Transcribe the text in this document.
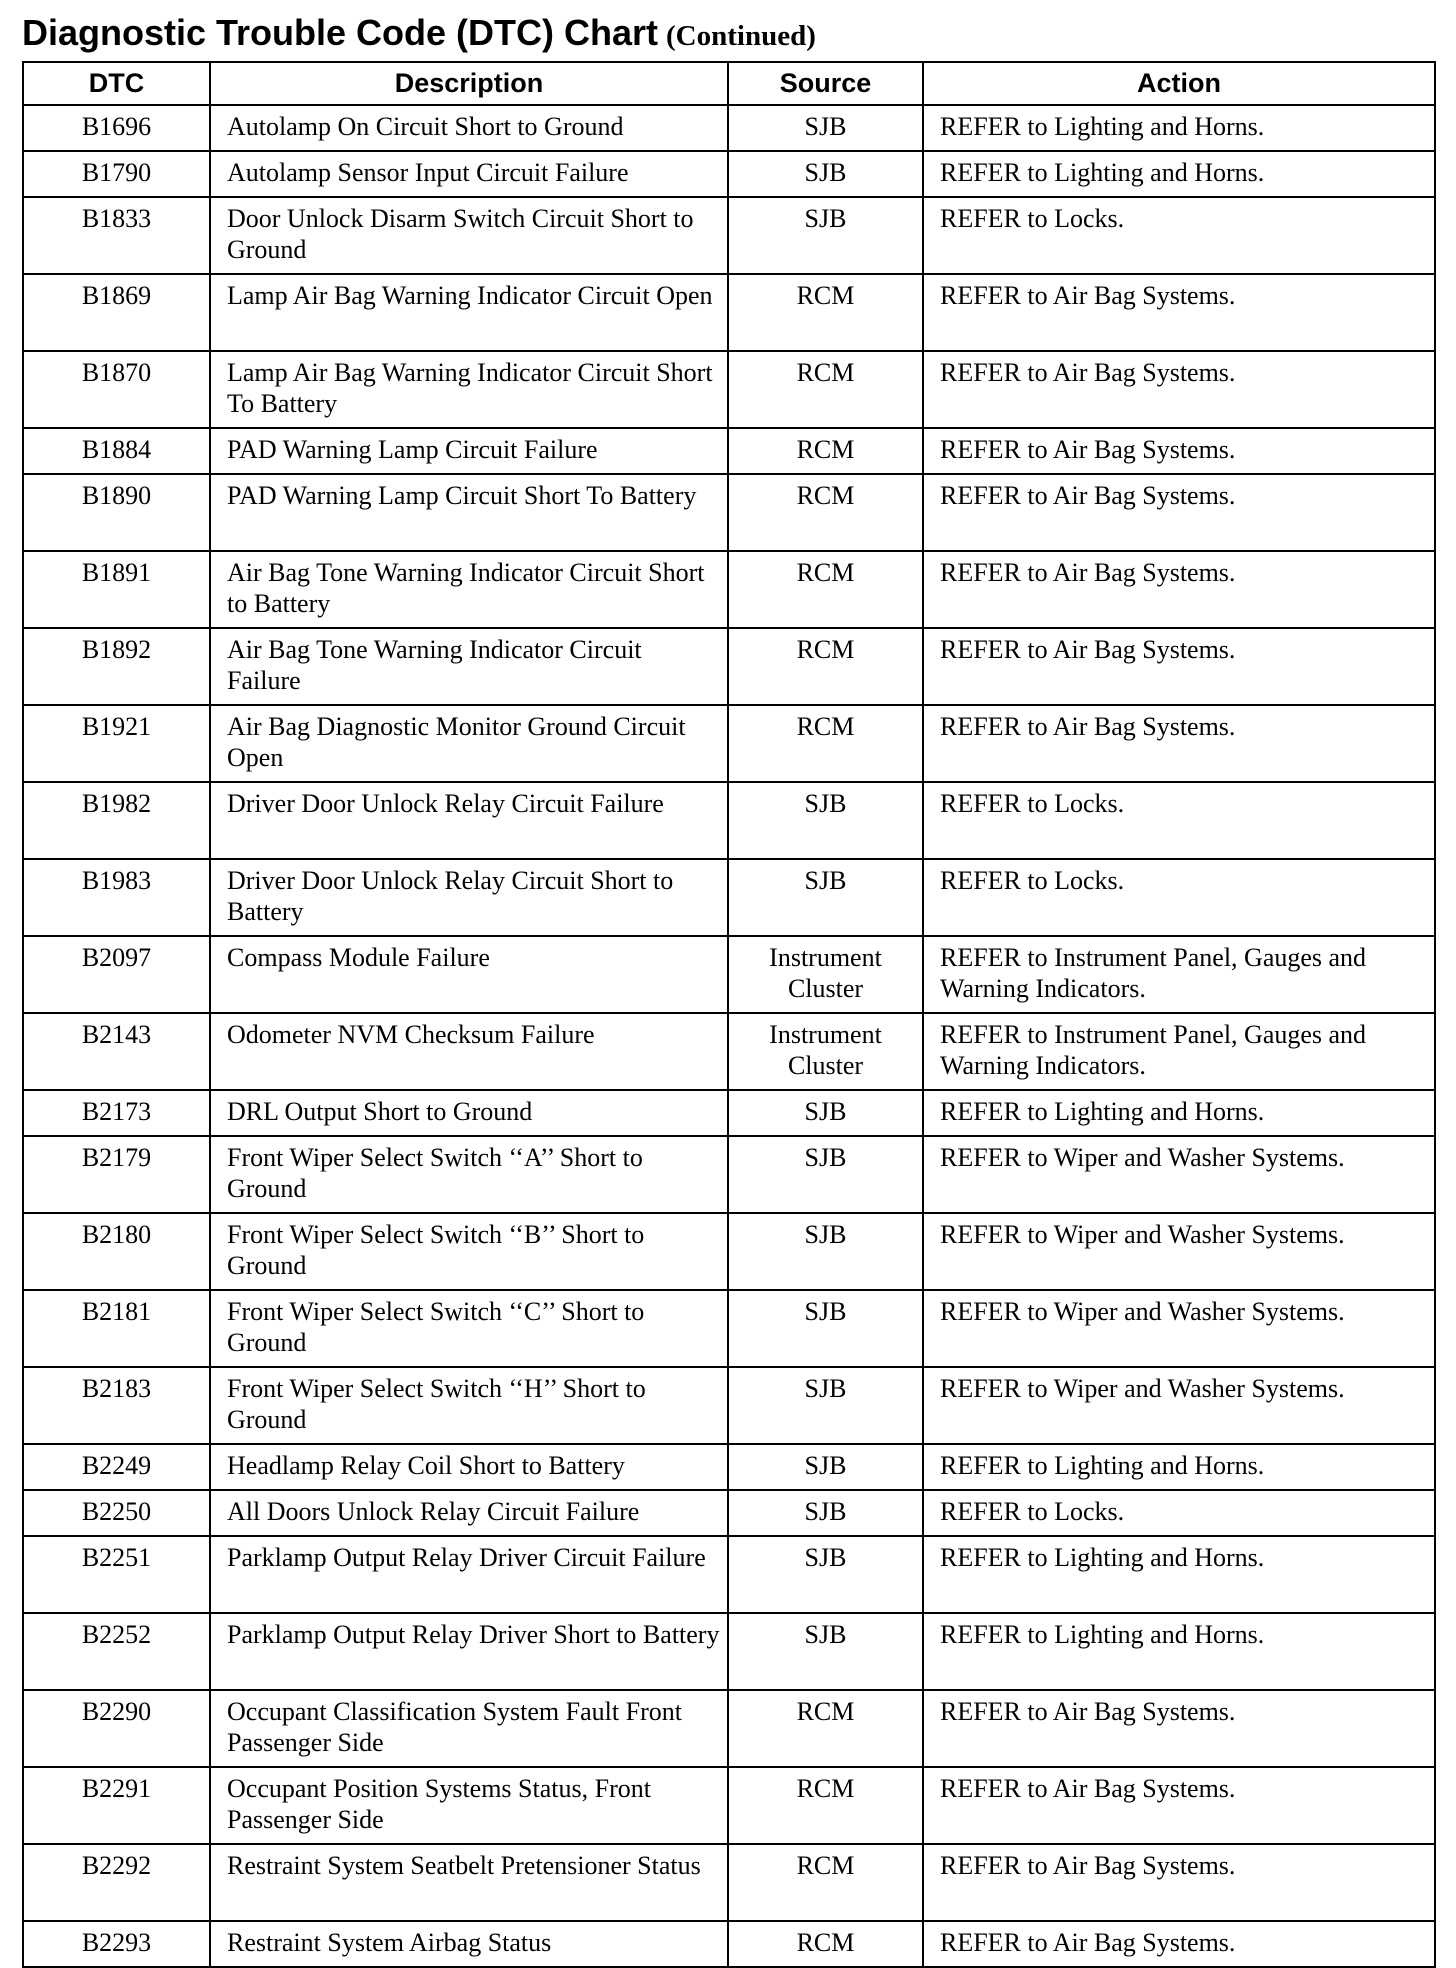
Diagnostic Trouble Code (DTC) Chart (Continued)
DTC	Description	Source	Action
B1696	Autolamp On Circuit Short to Ground	SJB	REFER to Lighting and Horns.
B1790	Autolamp Sensor Input Circuit Failure	SJB	REFER to Lighting and Horns.
B1833	Door Unlock Disarm Switch Circuit Short to Ground	SJB	REFER to Locks.
B1869	Lamp Air Bag Warning Indicator Circuit Open	RCM	REFER to Air Bag Systems.
B1870	Lamp Air Bag Warning Indicator Circuit Short To Battery	RCM	REFER to Air Bag Systems.
B1884	PAD Warning Lamp Circuit Failure	RCM	REFER to Air Bag Systems.
B1890	PAD Warning Lamp Circuit Short To Battery	RCM	REFER to Air Bag Systems.
B1891	Air Bag Tone Warning Indicator Circuit Short to Battery	RCM	REFER to Air Bag Systems.
B1892	Air Bag Tone Warning Indicator Circuit Failure	RCM	REFER to Air Bag Systems.
B1921	Air Bag Diagnostic Monitor Ground Circuit Open	RCM	REFER to Air Bag Systems.
B1982	Driver Door Unlock Relay Circuit Failure	SJB	REFER to Locks.
B1983	Driver Door Unlock Relay Circuit Short to Battery	SJB	REFER to Locks.
B2097	Compass Module Failure	Instrument Cluster	REFER to Instrument Panel, Gauges and Warning Indicators.
B2143	Odometer NVM Checksum Failure	Instrument Cluster	REFER to Instrument Panel, Gauges and Warning Indicators.
B2173	DRL Output Short to Ground	SJB	REFER to Lighting and Horns.
B2179	Front Wiper Select Switch ‘‘A’’ Short to Ground	SJB	REFER to Wiper and Washer Systems.
B2180	Front Wiper Select Switch ‘‘B’’ Short to Ground	SJB	REFER to Wiper and Washer Systems.
B2181	Front Wiper Select Switch ‘‘C’’ Short to Ground	SJB	REFER to Wiper and Washer Systems.
B2183	Front Wiper Select Switch ‘‘H’’ Short to Ground	SJB	REFER to Wiper and Washer Systems.
B2249	Headlamp Relay Coil Short to Battery	SJB	REFER to Lighting and Horns.
B2250	All Doors Unlock Relay Circuit Failure	SJB	REFER to Locks.
B2251	Parklamp Output Relay Driver Circuit Failure	SJB	REFER to Lighting and Horns.
B2252	Parklamp Output Relay Driver Short to Battery	SJB	REFER to Lighting and Horns.
B2290	Occupant Classification System Fault Front Passenger Side	RCM	REFER to Air Bag Systems.
B2291	Occupant Position Systems Status, Front Passenger Side	RCM	REFER to Air Bag Systems.
B2292	Restraint System Seatbelt Pretensioner Status	RCM	REFER to Air Bag Systems.
B2293	Restraint System Airbag Status	RCM	REFER to Air Bag Systems.
